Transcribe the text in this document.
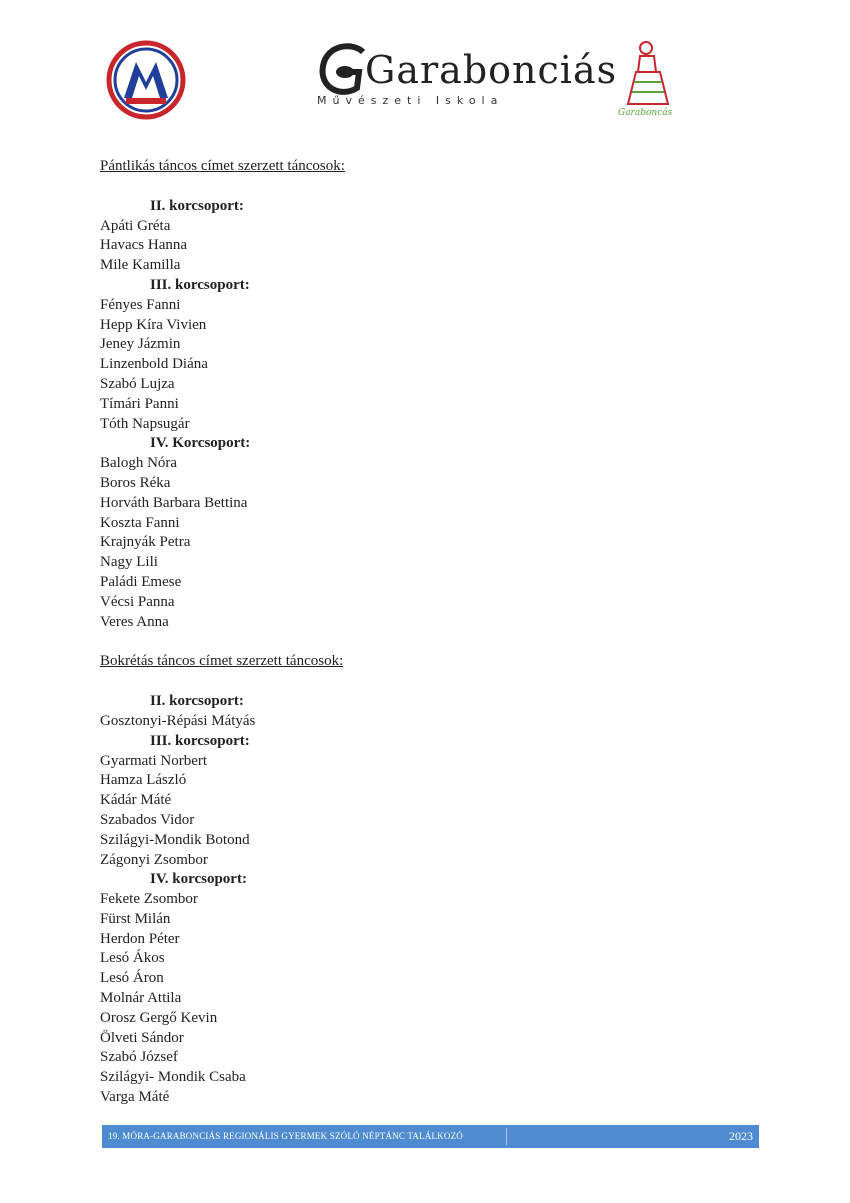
Garabonciás
Művészeti Iskola
Garaboncás
Pántlikás táncos címet szerzett táncosok:
II. korcsoport:
Apáti Gréta
Havacs Hanna
Mile Kamilla
III. korcsoport:
Fényes Fanni
Hepp Kíra Vivien
Jeney Jázmin
Linzenbold Diána
Szabó Lujza
Tímári Panni
Tóth Napsugár
IV. Korcsoport:
Balogh Nóra
Boros Réka
Horváth Barbara Bettina
Koszta Fanni
Krajnyák Petra
Nagy Lili
Paládi Emese
Vécsi Panna
Veres Anna
Bokrétás táncos címet szerzett táncosok:
II. korcsoport:
Gosztonyi-Répási Mátyás
III. korcsoport:
Gyarmati Norbert
Hamza László
Kádár Máté
Szabados Vidor
Szilágyi-Mondik Botond
Zágonyi Zsombor
IV. korcsoport:
Fekete Zsombor
Fürst Milán
Herdon Péter
Lesó Ákos
Lesó Áron
Molnár Attila
Orosz Gergő Kevin
Ölveti Sándor
Szabó József
Szilágyi- Mondik Csaba
Varga Máté
19. MÓRA-GARABONCIÁS REGIONÁLIS GYERMEK SZÓLÓ NÉPTÁNC TALÁLKOZÓ	2023
